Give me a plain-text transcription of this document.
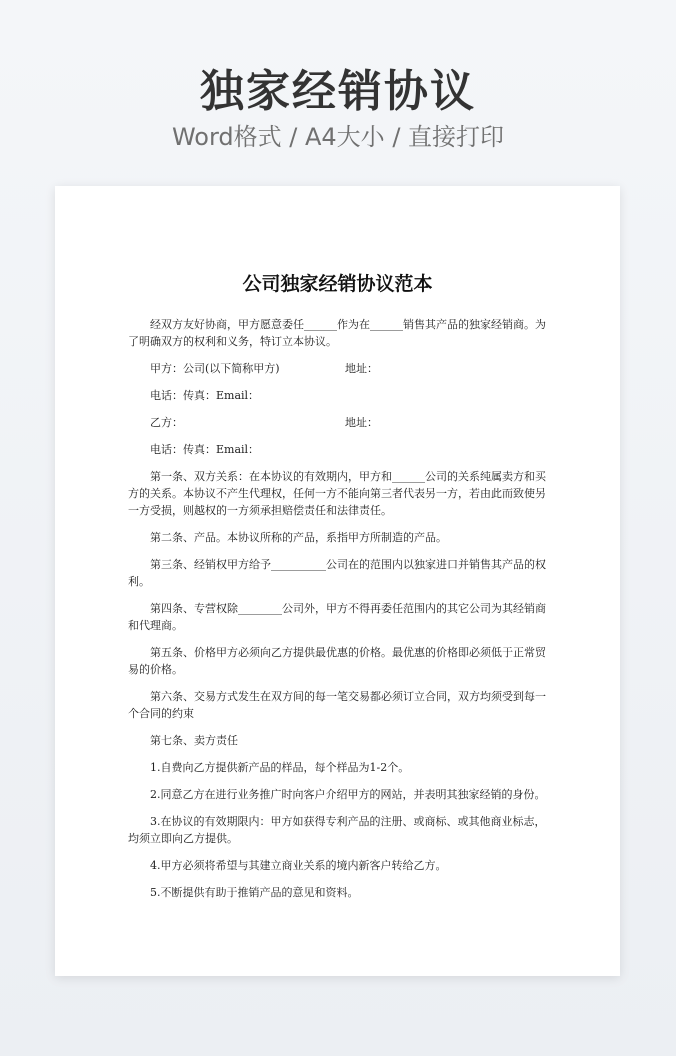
独家经销协议
Word格式 / A4大小 / 直接打印
公司独家经销协议范本

经双方友好协商，甲方愿意委任______作为在______销售其产品的独家经销商。为了明确双方的权利和义务，特订立本协议。

甲方：公司(以下简称甲方)	地址：

电话：传真：Email：

乙方：	地址：

电话：传真：Email：

第一条、双方关系：在本协议的有效期内，甲方和______公司的关系纯属卖方和买方的关系。本协议不产生代理权，任何一方不能向第三者代表另一方，若由此而致使另一方受损，则越权的一方须承担赔偿责任和法律责任。

第二条、产品。本协议所称的产品，系指甲方所制造的产品。

第三条、经销权甲方给予__________公司在的范围内以独家进口并销售其产品的权利。

第四条、专营权除________公司外，甲方不得再委任范围内的其它公司为其经销商和代理商。

第五条、价格甲方必须向乙方提供最优惠的价格。最优惠的价格即必须低于正常贸易的价格。

第六条、交易方式发生在双方间的每一笔交易都必须订立合同，双方均须受到每一个合同的约束

第七条、卖方责任

1.自费向乙方提供新产品的样品，每个样品为1-2个。

2.同意乙方在进行业务推广时向客户介绍甲方的网站，并表明其独家经销的身份。

3.在协议的有效期限内：甲方如获得专利产品的注册、或商标、或其他商业标志，均须立即向乙方提供。

4.甲方必须将希望与其建立商业关系的境内新客户转给乙方。

5.不断提供有助于推销产品的意见和资料。
